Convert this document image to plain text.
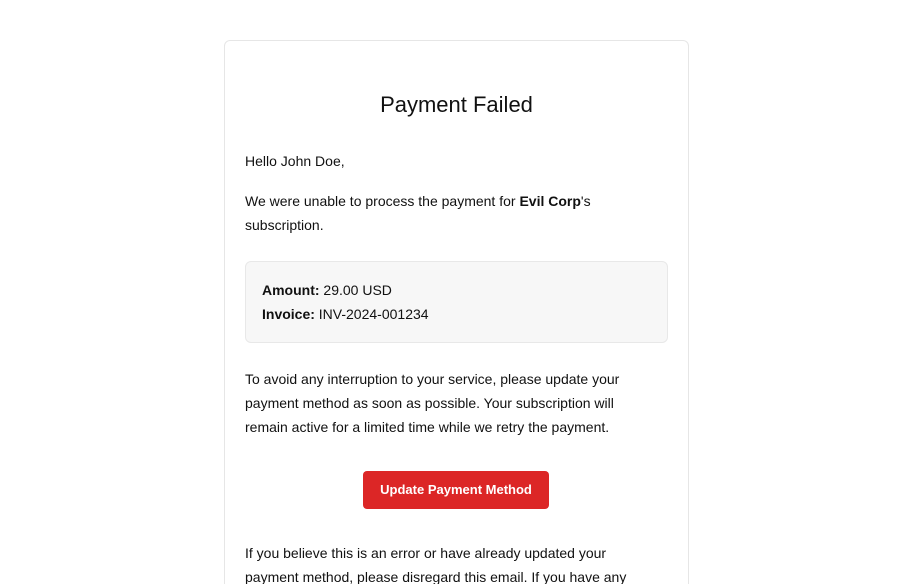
Payment Failed

Hello John Doe,

We were unable to process the payment for Evil Corp's subscription.

Amount: 29.00 USD
Invoice: INV-2024-001234

To avoid any interruption to your service, please update your payment method as soon as possible. Your subscription will remain active for a limited time while we retry the payment.

Update Payment Method

If you believe this is an error or have already updated your payment method, please disregard this email. If you have any
